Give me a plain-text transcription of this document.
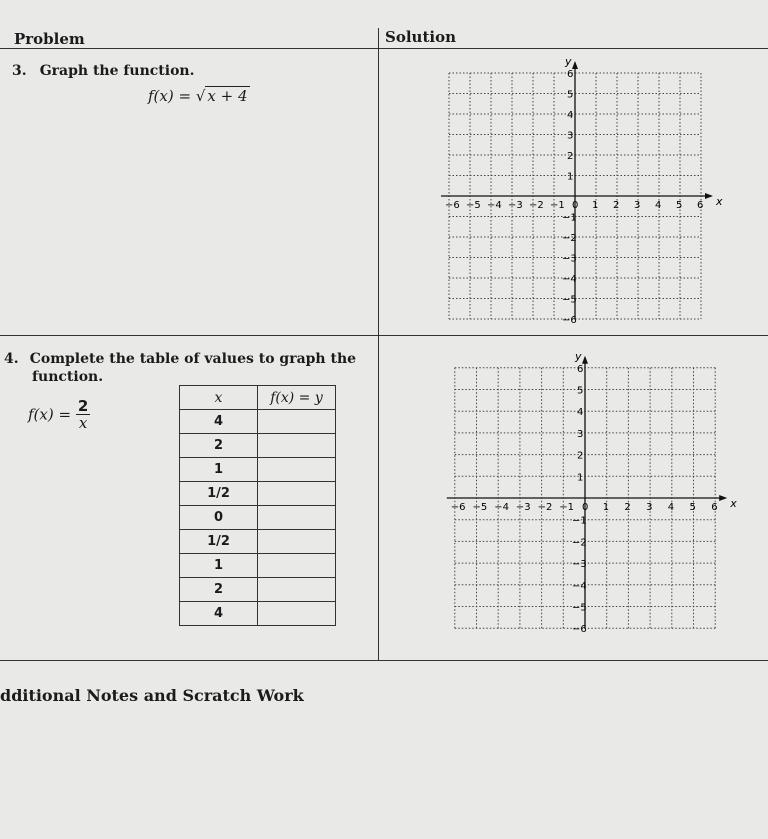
Problem	Solution
3. Graph the function.
f(x) = √ x + 4
4. Complete the table of values to graph the
function.
$f(x) = \frac{2}{x}$
x	f(x) = y
4	
2	
1	
1/2	
0	
1/2	
1	
2	
4	
x
y
−6 −5 −4 −3 −2 −1 0 1 2 3 4 5 6
6
5
4
3
2
1
−1
−2
−3
−4
−5
−6
x
y
−6 −5 −4 −3 −2 −1 0 1 2 3 4 5 6
6
5
4
3
2
1
−1
−2
−3
−4
−5
−6
dditional Notes and Scratch Work
